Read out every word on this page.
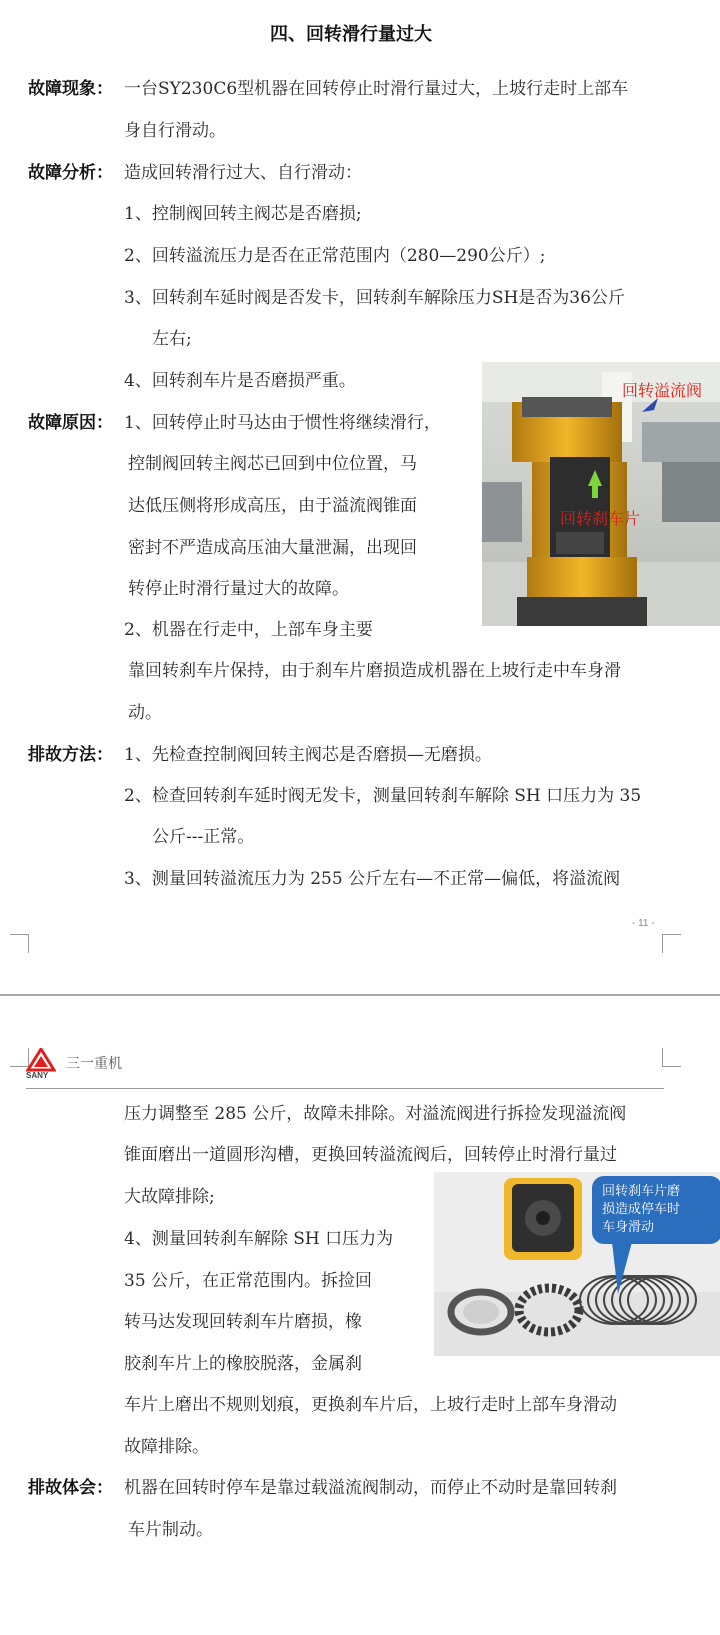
四、回转滑行量过大
故障现象： 一台SY230C6型机器在回转停止时滑行量过大，上坡行走时上部车
身自行滑动。
故障分析： 造成回转滑行过大、自行滑动：
1、控制阀回转主阀芯是否磨损;
2、回转溢流压力是否在正常范围内（280—290公斤）;
3、回转刹车延时阀是否发卡，回转刹车解除压力SH是否为36公斤
左右;
4、回转刹车片是否磨损严重。
故障原因： 1、回转停止时马达由于惯性将继续滑行，
控制阀回转主阀芯已回到中位位置，马
达低压侧将形成高压，由于溢流阀锥面
密封不严造成高压油大量泄漏，出现回
转停止时滑行量过大的故障。
2、机器在行走中，上部车身主要
靠回转刹车片保持，由于刹车片磨损造成机器在上坡行走中车身滑
动。
排故方法： 1、先检查控制阀回转主阀芯是否磨损—无磨损。
2、检查回转刹车延时阀无发卡，测量回转刹车解除 SH 口压力为 35
公斤---正常。
3、测量回转溢流压力为 255 公斤左右—不正常—偏低，将溢流阀
回转溢流阀
回转刹车片
- 11 -
SANY
三一重机
压力调整至 285 公斤，故障未排除。对溢流阀进行拆捡发现溢流阀
锥面磨出一道圆形沟槽，更换回转溢流阀后，回转停止时滑行量过
大故障排除;
4、测量回转刹车解除 SH 口压力为
35 公斤，在正常范围内。拆捡回
转马达发现回转刹车片磨损，橡
胶刹车片上的橡胶脱落，金属刹
车片上磨出不规则划痕，更换刹车片后，上坡行走时上部车身滑动
故障排除。
排故体会： 机器在回转时停车是靠过载溢流阀制动，而停止不动时是靠回转刹
车片制动。
回转刹车片磨
损造成停车时
车身滑动
